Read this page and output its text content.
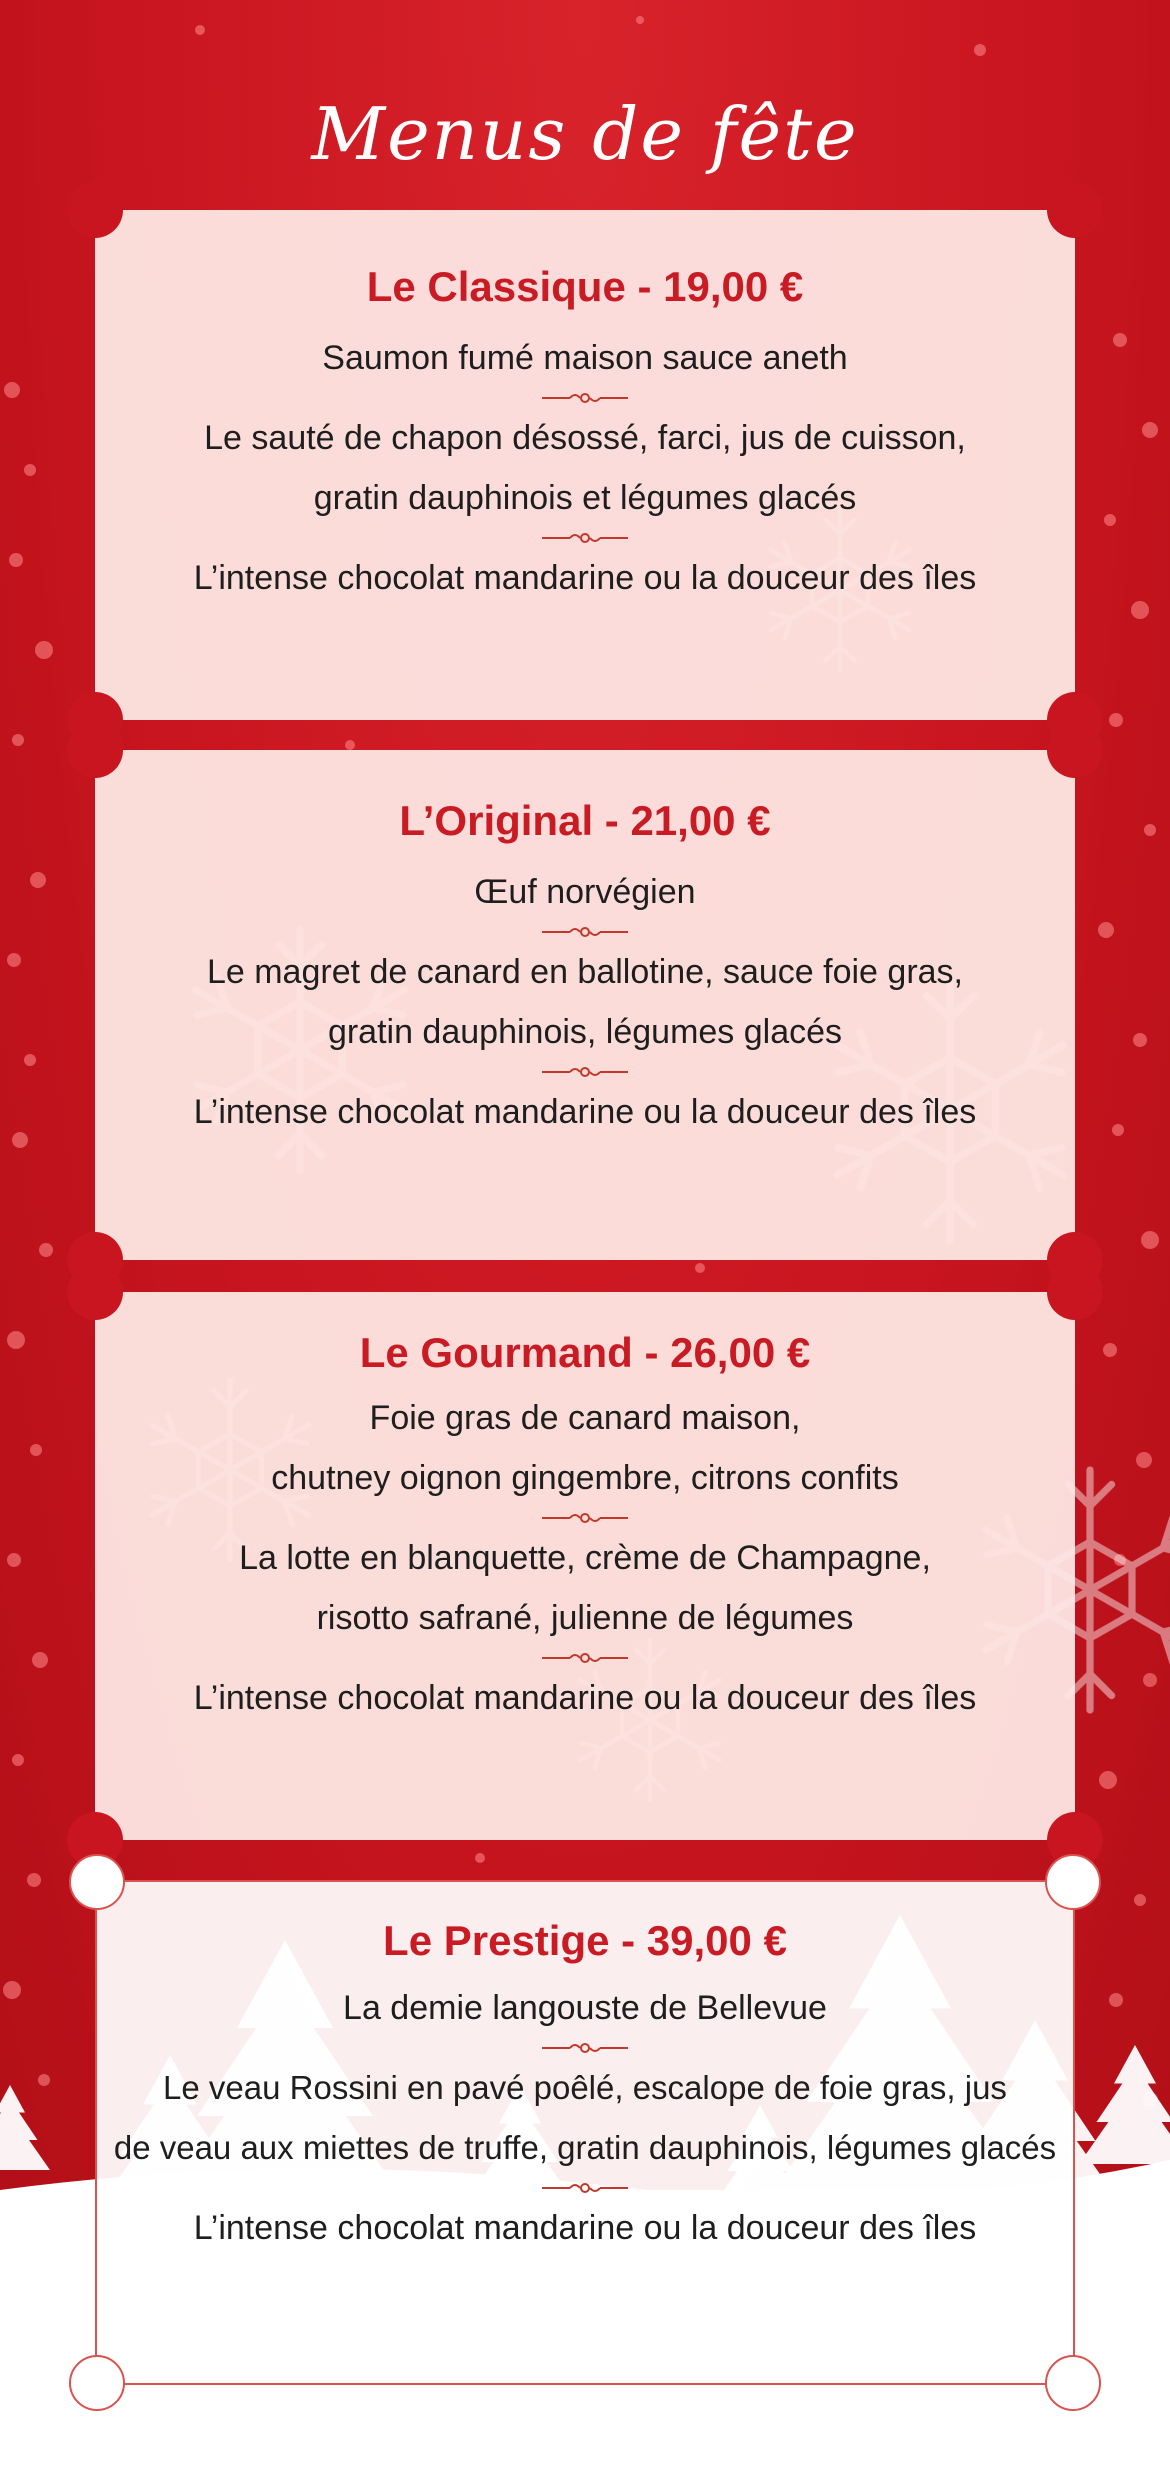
Menus de fête
Le Classique - 19,00 €

Saumon fumé maison sauce aneth

Le sauté de chapon désossé, farci, jus de cuisson,

gratin dauphinois et légumes glacés

L’intense chocolat mandarine ou la douceur des îles

L’Original - 21,00 €

Œuf norvégien

Le magret de canard en ballotine, sauce foie gras,

gratin dauphinois, légumes glacés

L’intense chocolat mandarine ou la douceur des îles

Le Gourmand - 26,00 €

Foie gras de canard maison,

chutney oignon gingembre, citrons confits

La lotte en blanquette, crème de Champagne,

risotto safrané, julienne de légumes

L’intense chocolat mandarine ou la douceur des îles

Le Prestige - 39,00 €

La demie langouste de Bellevue

Le veau Rossini en pavé poêlé, escalope de foie gras, jus

de veau aux miettes de truffe, gratin dauphinois, légumes glacés

L’intense chocolat mandarine ou la douceur des îles
